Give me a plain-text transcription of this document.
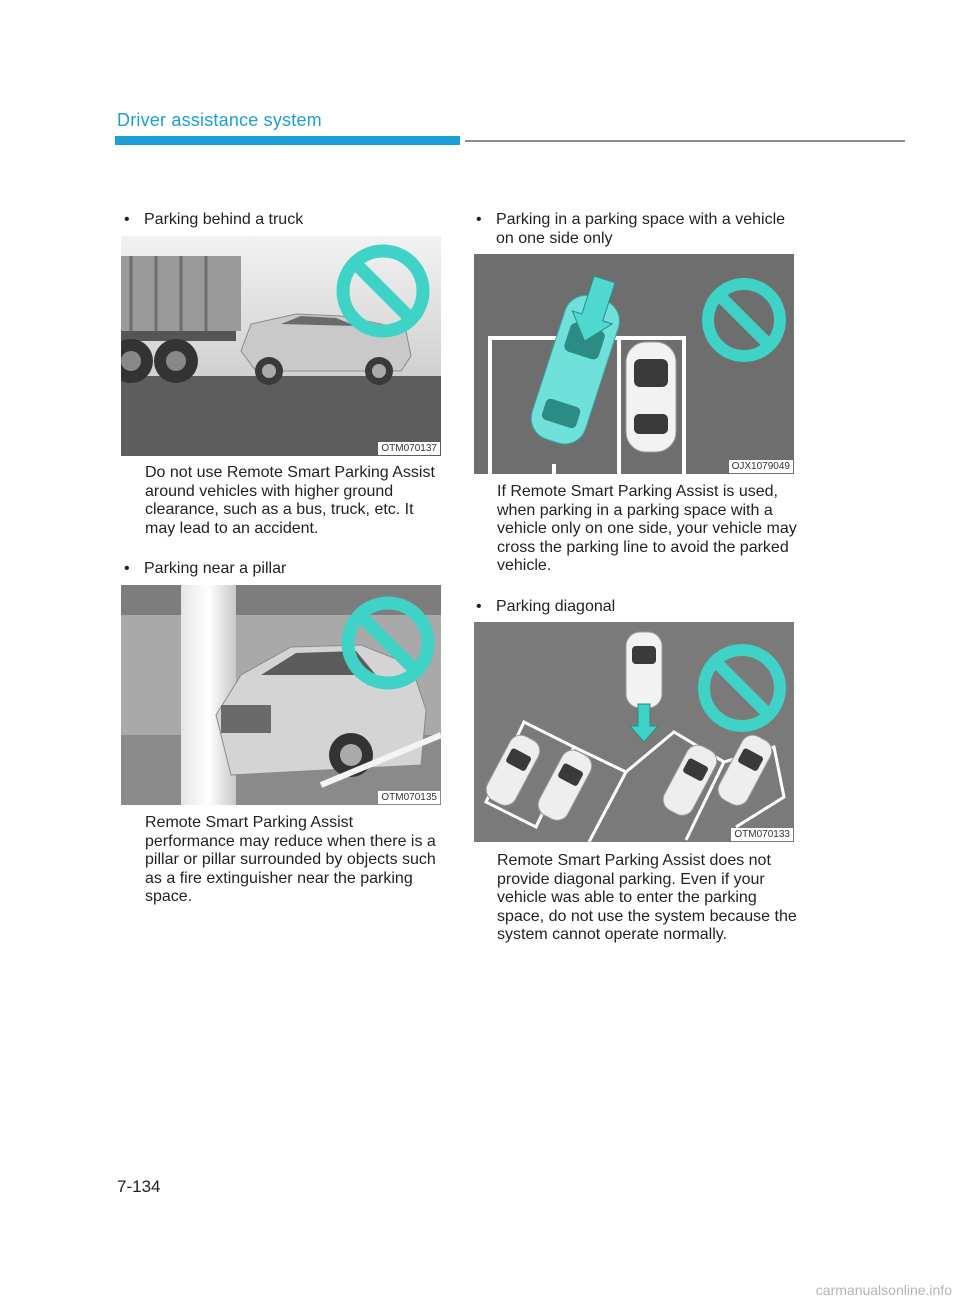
Driver assistance system
• Parking behind a truck
OTM070137
Do not use Remote Smart Parking Assist around vehicles with higher ground clearance, such as a bus, truck, etc. It may lead to an accident.
• Parking near a pillar
OTM070135
Remote Smart Parking Assist performance may reduce when there is a pillar or pillar surrounded by objects such as a fire extinguisher near the parking space.
• Parking in a parking space with a vehicle on one side only
OJX1079049
If Remote Smart Parking Assist is used, when parking in a parking space with a vehicle only on one side, your vehicle may cross the parking line to avoid the parked vehicle.
• Parking diagonal
OTM070133
Remote Smart Parking Assist does not provide diagonal parking. Even if your vehicle was able to enter the parking space, do not use the system because the system cannot operate normally.
7-134
carmanualsonline.info
